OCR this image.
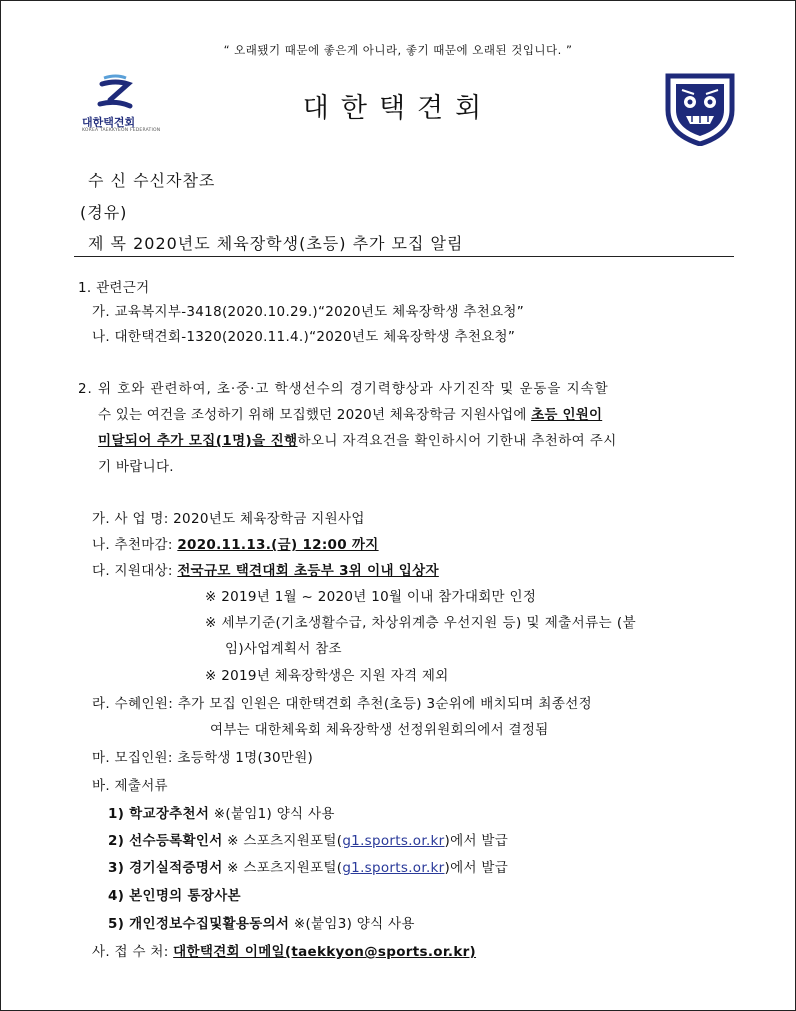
“ 오래됐기 때문에 좋은게 아니라, 좋기 때문에 오래된 것입니다. ”
대한택견회
KOREA TAEKKYEON FEDERATION
대한택견회
수 신 수신자참조
(경유)
제 목 2020년도 체육장학생(초등) 추가 모집 알림
1. 관련근거
가. 교육복지부-3418(2020.10.29.)“2020년도 체육장학생 추천요청”
나. 대한택견회-1320(2020.11.4.)“2020년도 체육장학생 추천요청”
2. 위 호와 관련하여, 초·중·고 학생선수의 경기력향상과 사기진작 및 운동을 지속할
수 있는 여건을 조성하기 위해 모집했던 2020년 체육장학금 지원사업에 초등 인원이
미달되어 추가 모집(1명)을 진행하오니 자격요건을 확인하시어 기한내 추천하여 주시
기 바랍니다.
가. 사 업 명: 2020년도 체육장학금 지원사업
나. 추천마감: 2020.11.13.(금) 12:00 까지
다. 지원대상: 전국규모 택견대회 초등부 3위 이내 입상자
※ 2019년 1월 ~ 2020년 10월 이내 참가대회만 인정
※ 세부기준(기초생활수급, 차상위계층 우선지원 등) 및 제출서류는 (붙
임)사업계획서 참조
※ 2019년 체육장학생은 지원 자격 제외
라. 수혜인원: 추가 모집 인원은 대한택견회 추천(초등) 3순위에 배치되며 최종선정
여부는 대한체육회 체육장학생 선정위원회의에서 결정됨
마. 모집인원: 초등학생 1명(30만원)
바. 제출서류
1) 학교장추천서 ※(붙임1) 양식 사용
2) 선수등록확인서 ※ 스포츠지원포털(g1.sports.or.kr)에서 발급
3) 경기실적증명서 ※ 스포츠지원포털(g1.sports.or.kr)에서 발급
4) 본인명의 통장사본
5) 개인정보수집및활용동의서 ※(붙임3) 양식 사용
사. 접 수 처: 대한택견회 이메일(taekkyon@sports.or.kr)
